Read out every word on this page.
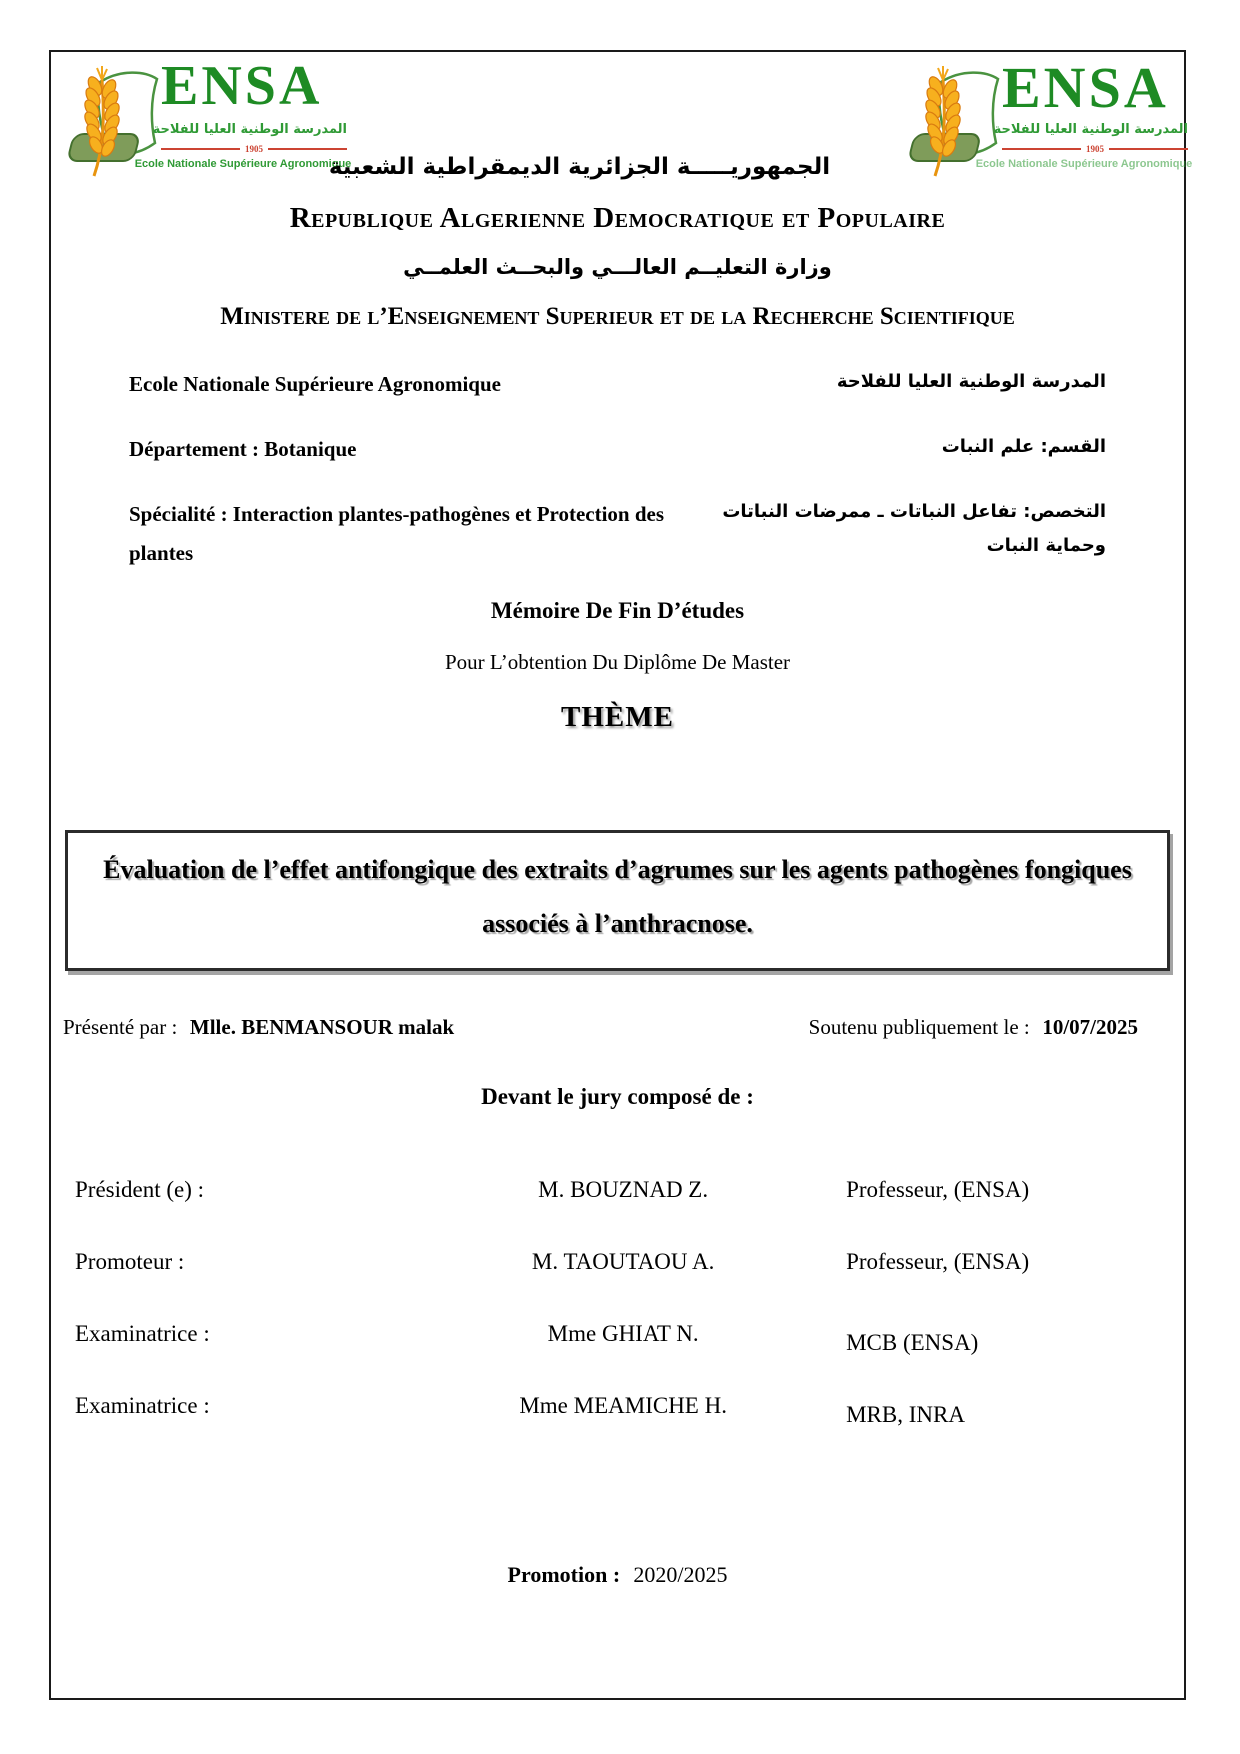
ENSA
المدرسة الوطنية العليا للفلاحة
1905
Ecole Nationale Supérieure Agronomique
الجمهوريـــــة الجزائرية الديمقراطية الشعبية
ENSA
المدرسة الوطنية العليا للفلاحة
1905
Ecole Nationale Supérieure Agronomique
Republique Algerienne Democratique et Populaire
وزارة التعليــم العالـــي والبحــث العلمــي
Ministere de l’Enseignement Superieur et de la Recherche Scientifique
Ecole Nationale Supérieure Agronomique	المدرسة الوطنية العليا للفلاحة
Département : Botanique	القسم: علم النبات
Spécialité : Interaction plantes-pathogènes et Protection des plantes
التخصص: تفاعل النباتات ـ ممرضات النباتات وحماية النبات
Mémoire De Fin D’études
Pour L’obtention Du Diplôme De Master
THÈME
Évaluation de l’effet antifongique des extraits d’agrumes sur les agents pathogènes fongiques associés à l’anthracnose.
Présenté par : Mlle. BENMANSOUR malak	Soutenu publiquement le : 10/07/2025
Devant le jury composé de :
Président (e) :	M. BOUZNAD Z.	Professeur, (ENSA)
Promoteur :	M. TAOUTAOU A.	Professeur, (ENSA)
Examinatrice :	Mme GHIAT N.	MCB (ENSA)
Examinatrice :	Mme MEAMICHE H.	MRB, INRA
Promotion : 2020/2025
